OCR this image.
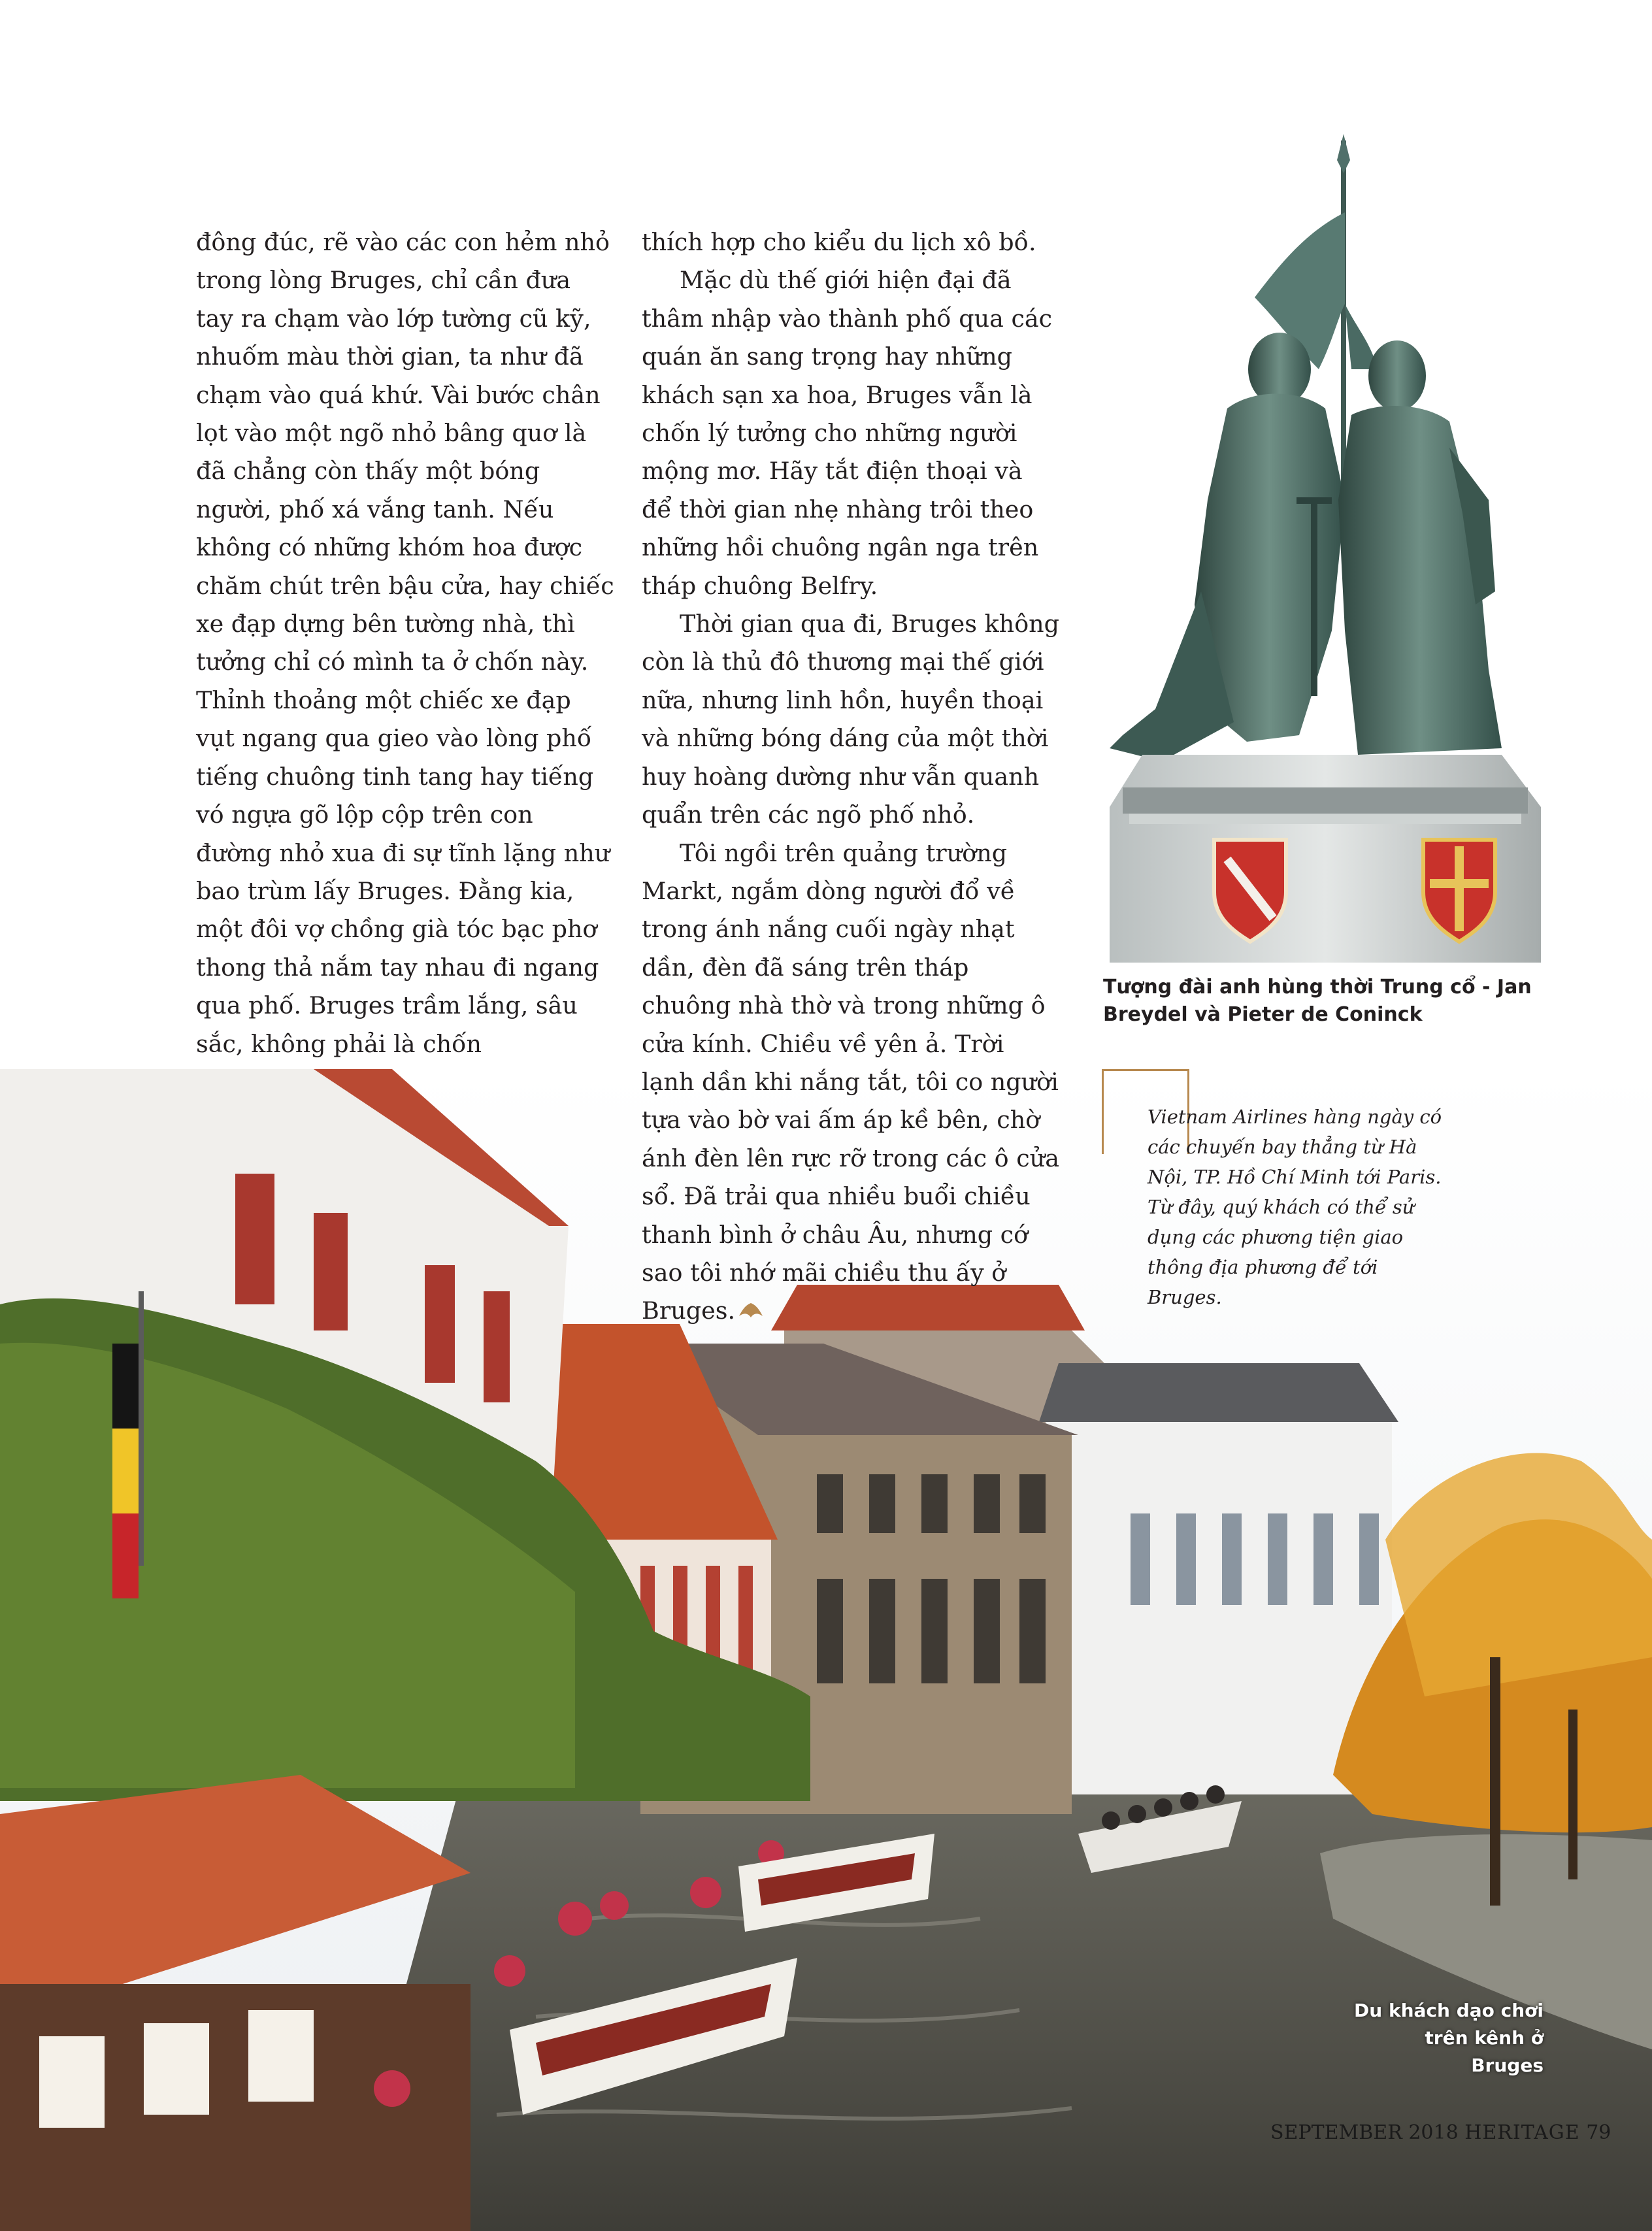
đông đúc, rẽ vào các con hẻm nhỏ trong lòng Bruges, chỉ cần đưa tay ra chạm vào lớp tường cũ kỹ, nhuốm màu thời gian, ta như đã chạm vào quá khứ. Vài bước chân lọt vào một ngõ nhỏ bâng quơ là đã chẳng còn thấy một bóng người, phố xá vắng tanh. Nếu không có những khóm hoa được chăm chút trên bậu cửa, hay chiếc xe đạp dựng bên tường nhà, thì tưởng chỉ có mình ta ở chốn này. Thỉnh thoảng một chiếc xe đạp vụt ngang qua gieo vào lòng phố tiếng chuông tinh tang hay tiếng vó ngựa gõ lộp cộp trên con đường nhỏ xua đi sự tĩnh lặng như bao trùm lấy Bruges. Đằng kia, một đôi vợ chồng già tóc bạc phơ thong thả nắm tay nhau đi ngang qua phố. Bruges trầm lắng, sâu sắc, không phải là chốn

thích hợp cho kiểu du lịch xô bồ.

Mặc dù thế giới hiện đại đã thâm nhập vào thành phố qua các quán ăn sang trọng hay những khách sạn xa hoa, Bruges vẫn là chốn lý tưởng cho những người mộng mơ. Hãy tắt điện thoại và để thời gian nhẹ nhàng trôi theo những hồi chuông ngân nga trên tháp chuông Belfry.

Thời gian qua đi, Bruges không còn là thủ đô thương mại thế giới nữa, nhưng linh hồn, huyền thoại và những bóng dáng của một thời huy hoàng dường như vẫn quanh quẩn trên các ngõ phố nhỏ.

Tôi ngồi trên quảng trường Markt, ngắm dòng người đổ về trong ánh nắng cuối ngày nhạt dần, đèn đã sáng trên tháp chuông nhà thờ và trong những ô cửa kính. Chiều về yên ả. Trời lạnh dần khi nắng tắt, tôi co người tựa vào bờ vai ấm áp kề bên, chờ ánh đèn lên rực rỡ trong các ô cửa sổ. Đã trải qua nhiều buổi chiều thanh bình ở châu Âu, nhưng cớ sao tôi nhớ mãi chiều thu ấy ở Bruges.

Tượng đài anh hùng thời Trung cổ - Jan Breydel và Pieter de Coninck
Vietnam Airlines hàng ngày có các chuyến bay thẳng từ Hà Nội, TP. Hồ Chí Minh tới Paris. Từ đây, quý khách có thể sử dụng các phương tiện giao thông địa phương để tới Bruges.
Du khách dạo chơi trên kênh ở Bruges
SEPTEMBER 2018 HERITAGE 79
